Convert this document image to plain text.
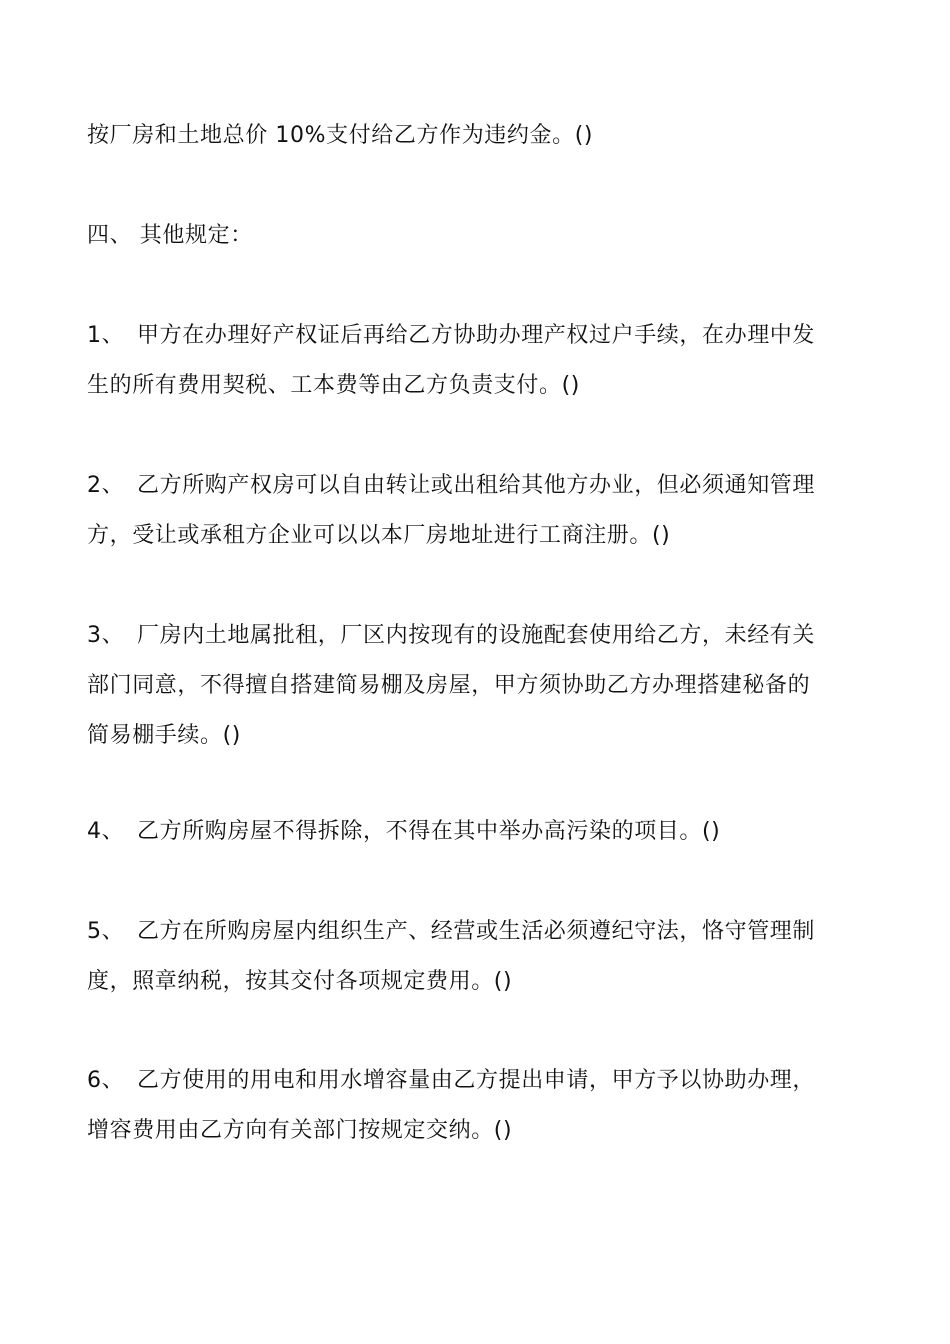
按厂房和土地总价 10%支付给乙方作为违约金。()
四、 其他规定：
1、 甲方在办理好产权证后再给乙方协助办理产权过户手续，在办理中发
生的所有费用契税、工本费等由乙方负责支付。()
2、 乙方所购产权房可以自由转让或出租给其他方办业，但必须通知管理
方，受让或承租方企业可以以本厂房地址进行工商注册。()
3、 厂房内土地属批租，厂区内按现有的设施配套使用给乙方，未经有关
部门同意，不得擅自搭建简易棚及房屋，甲方须协助乙方办理搭建秘备的
简易棚手续。()
4、 乙方所购房屋不得拆除，不得在其中举办高污染的项目。()
5、 乙方在所购房屋内组织生产、经营或生活必须遵纪守法，恪守管理制
度，照章纳税，按其交付各项规定费用。()
6、 乙方使用的用电和用水增容量由乙方提出申请，甲方予以协助办理，
增容费用由乙方向有关部门按规定交纳。()
